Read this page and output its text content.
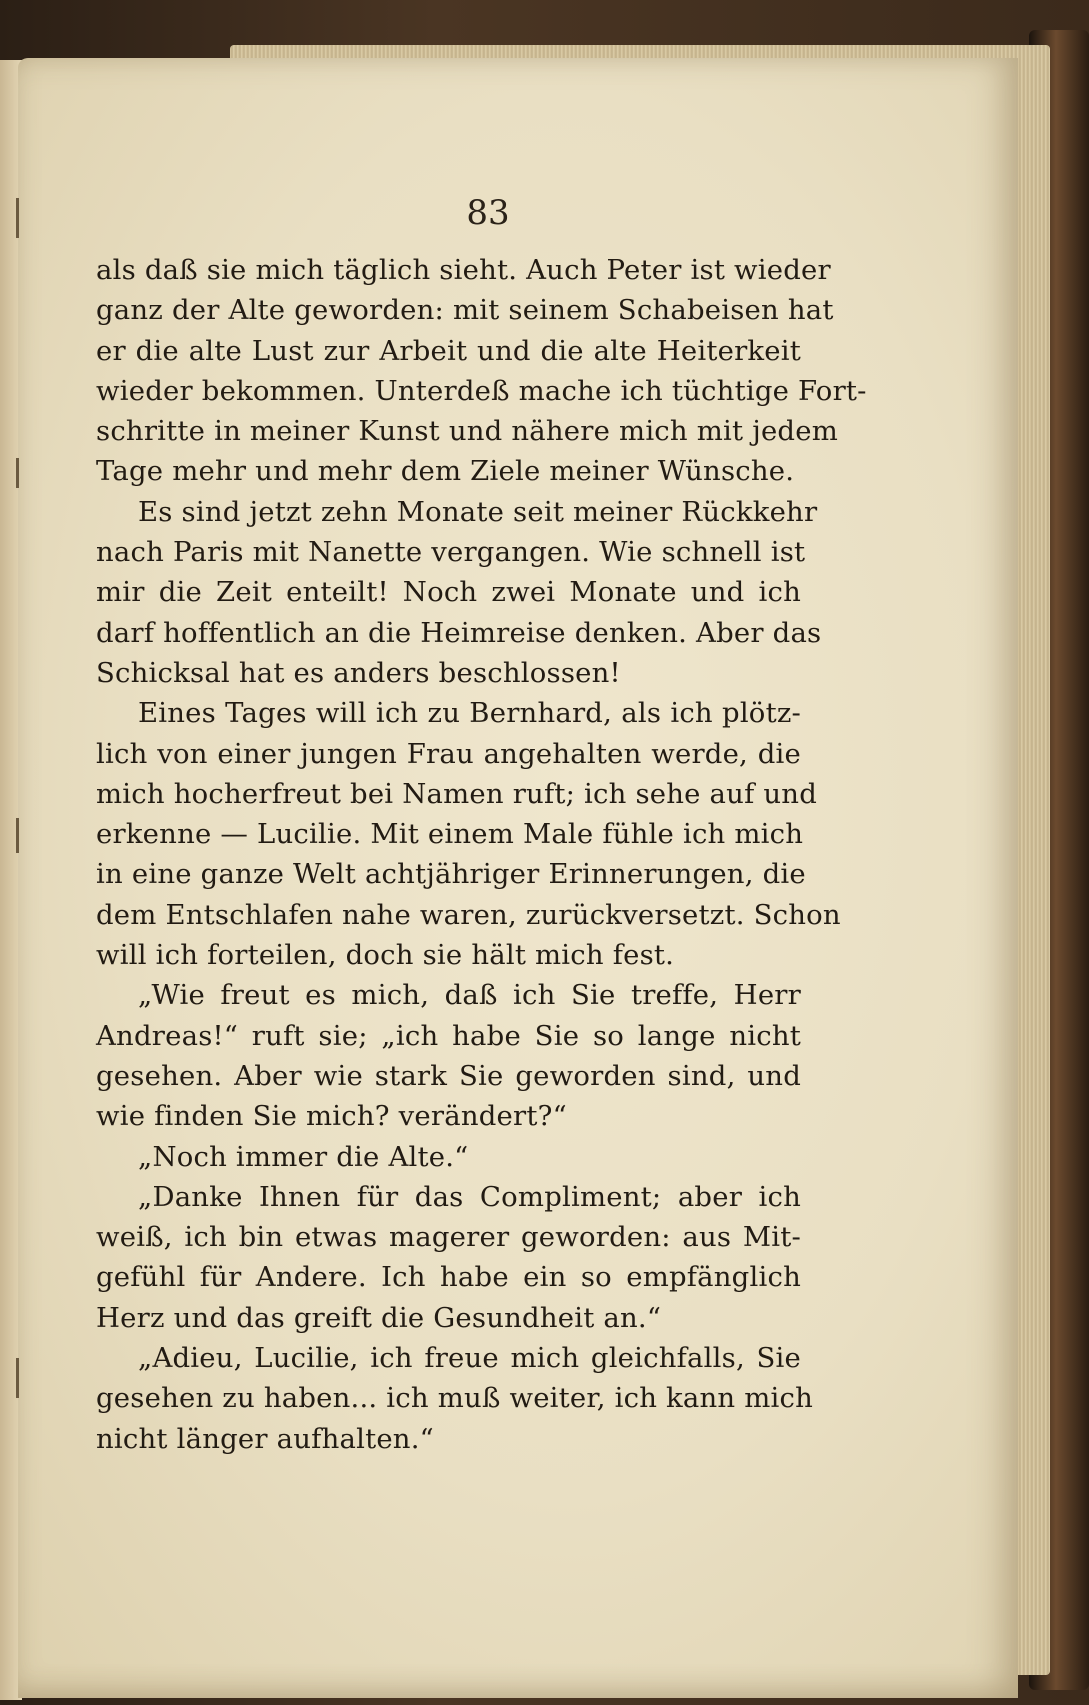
83
als daß sie mich täglich sieht. Auch Peter ist wieder
ganz der Alte geworden: mit seinem Schabeisen hat
er die alte Lust zur Arbeit und die alte Heiterkeit
wieder bekommen. Unterdeß mache ich tüchtige Fort-
schritte in meiner Kunst und nähere mich mit jedem
Tage mehr und mehr dem Ziele meiner Wünsche.
Es sind jetzt zehn Monate seit meiner Rückkehr
nach Paris mit Nanette vergangen. Wie schnell ist
mir die Zeit enteilt! Noch zwei Monate und ich
darf hoffentlich an die Heimreise denken. Aber das
Schicksal hat es anders beschlossen!
Eines Tages will ich zu Bernhard, als ich plötz-
lich von einer jungen Frau angehalten werde, die
mich hocherfreut bei Namen ruft; ich sehe auf und
erkenne — Lucilie. Mit einem Male fühle ich mich
in eine ganze Welt achtjähriger Erinnerungen, die
dem Entschlafen nahe waren, zurückversetzt. Schon
will ich forteilen, doch sie hält mich fest.
„Wie freut es mich, daß ich Sie treffe, Herr
Andreas!“ ruft sie; „ich habe Sie so lange nicht
gesehen. Aber wie stark Sie geworden sind, und
wie finden Sie mich? verändert?“
„Noch immer die Alte.“
„Danke Ihnen für das Compliment; aber ich
weiß, ich bin etwas magerer geworden: aus Mit-
gefühl für Andere. Ich habe ein so empfänglich
Herz und das greift die Gesundheit an.“
„Adieu, Lucilie, ich freue mich gleichfalls, Sie
gesehen zu haben... ich muß weiter, ich kann mich
nicht länger aufhalten.“
